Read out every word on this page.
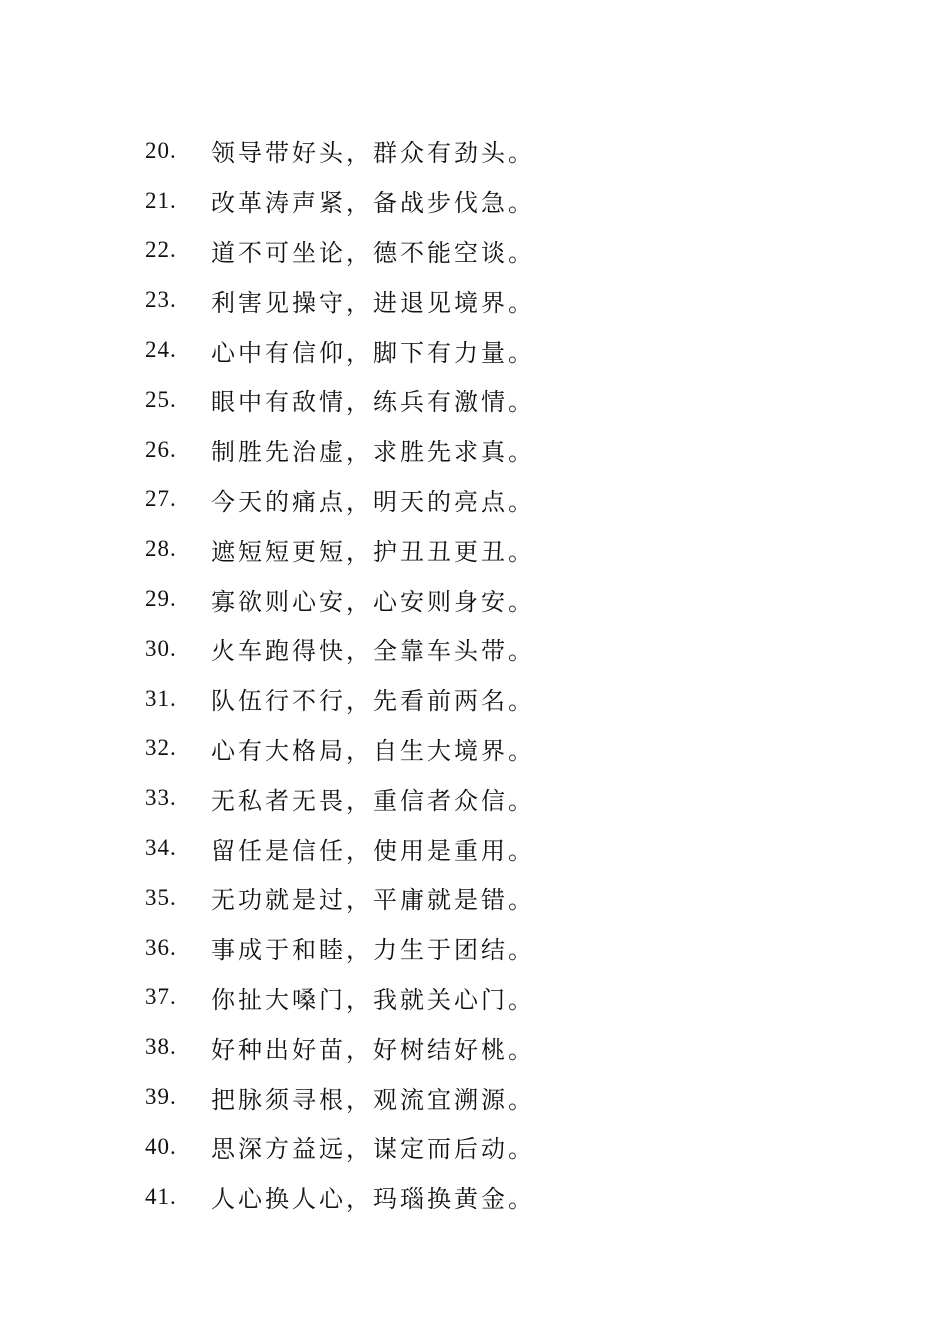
20.	领导带好头，群众有劲头。
21.	改革涛声紧，备战步伐急。
22.	道不可坐论，德不能空谈。
23.	利害见操守，进退见境界。
24.	心中有信仰，脚下有力量。
25.	眼中有敌情，练兵有激情。
26.	制胜先治虚，求胜先求真。
27.	今天的痛点，明天的亮点。
28.	遮短短更短，护丑丑更丑。
29.	寡欲则心安，心安则身安。
30.	火车跑得快，全靠车头带。
31.	队伍行不行，先看前两名。
32.	心有大格局，自生大境界。
33.	无私者无畏，重信者众信。
34.	留任是信任，使用是重用。
35.	无功就是过，平庸就是错。
36.	事成于和睦，力生于团结。
37.	你扯大嗓门，我就关心门。
38.	好种出好苗，好树结好桃。
39.	把脉须寻根，观流宜溯源。
40.	思深方益远，谋定而后动。
41.	人心换人心，玛瑙换黄金。
